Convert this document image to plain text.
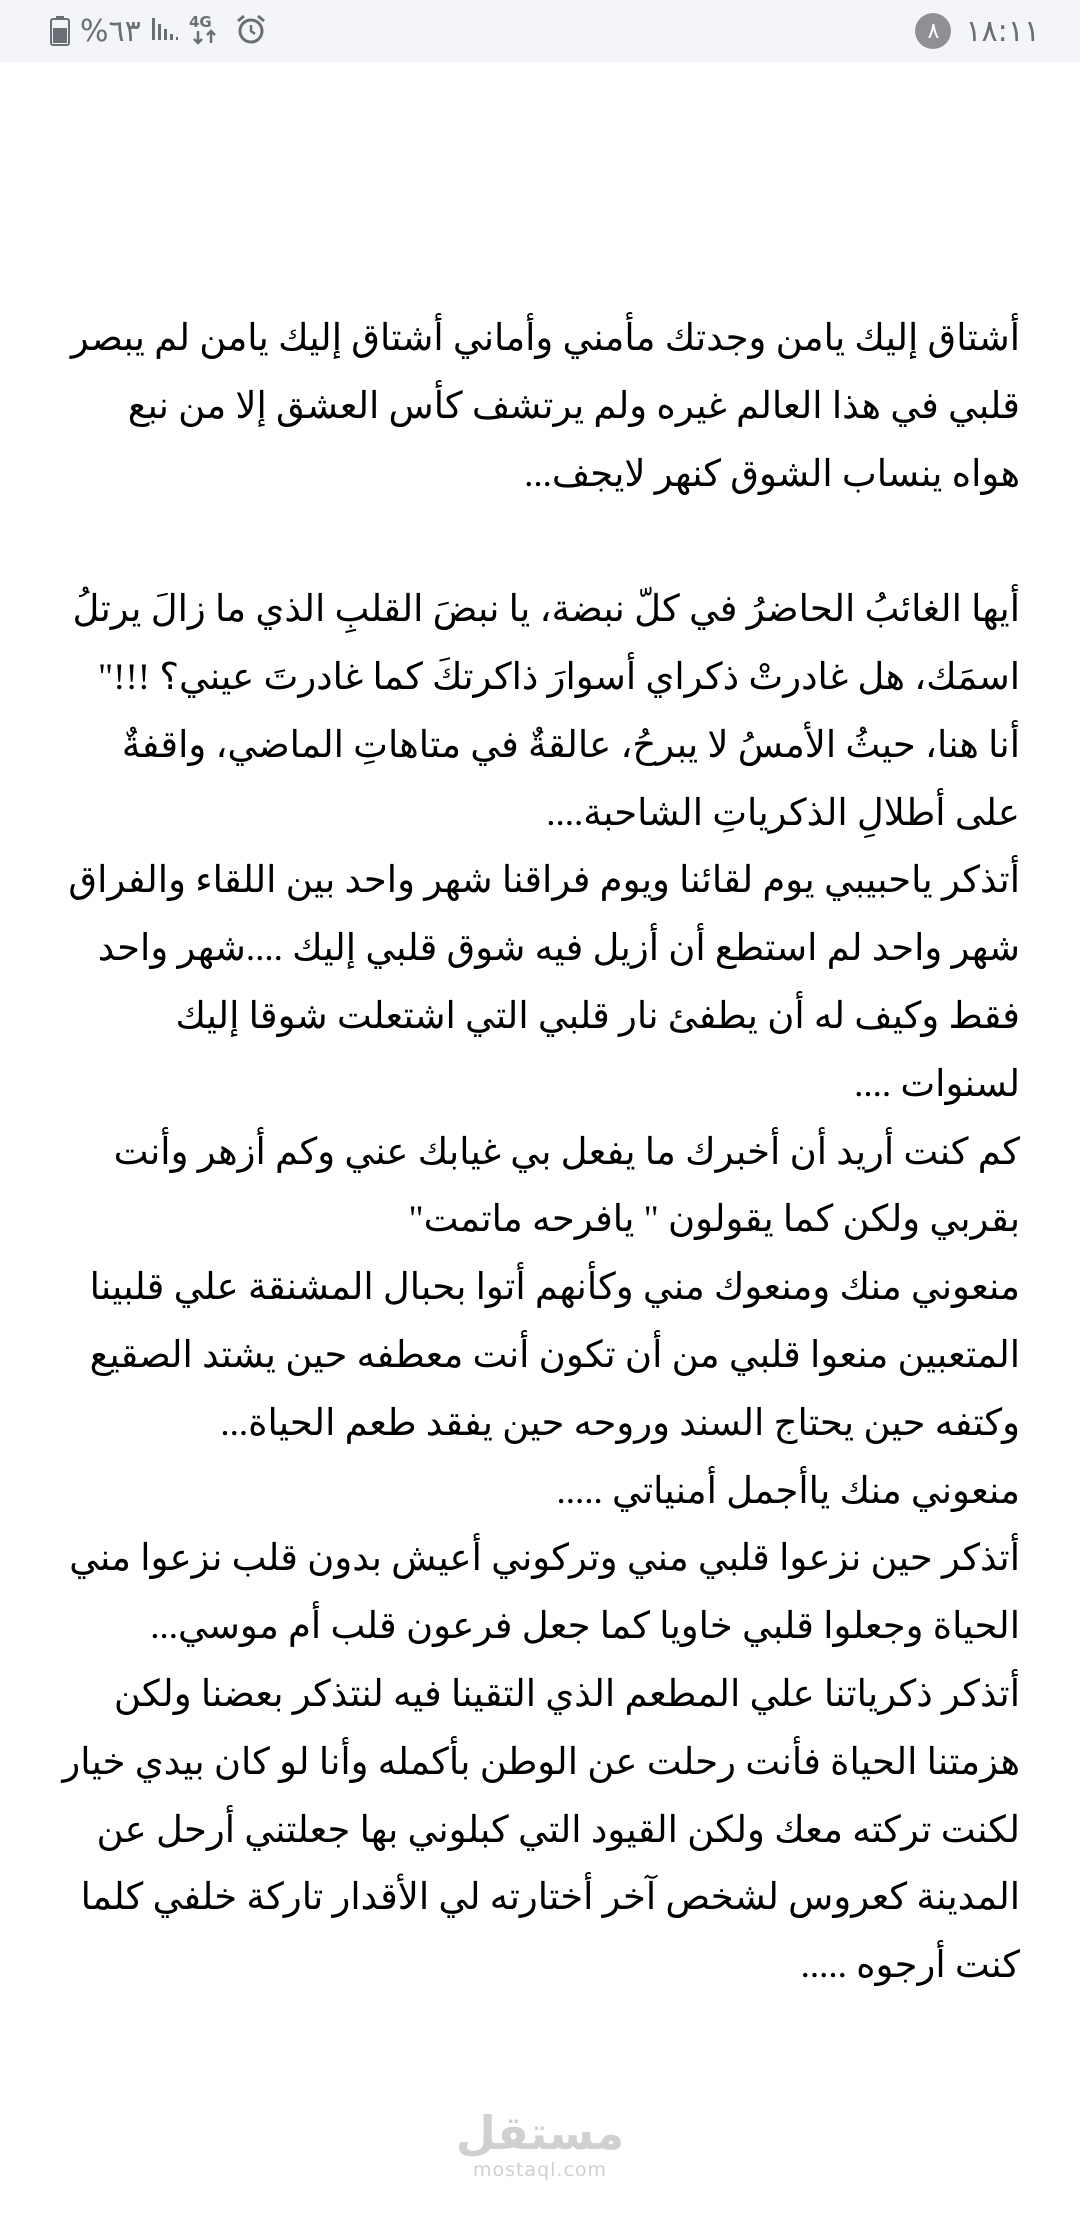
%٦٣	4G	٨ ١٨:١١

أشتاق إليك يامن وجدتك مأمني وأماني أشتاق إليك يامن لم يبصر قلبي في هذا العالم غيره ولم يرتشف كأس العشق إلا من نبع هواه ينساب الشوق كنهر لايجف...

أيها الغائبُ الحاضرُ في كلّ نبضة، يا نبضَ القلبِ الذي ما زالَ يرتلُ اسمَك، هل غادرتْ ذكراي أسوارَ ذاكرتكَ كما غادرتَ عيني؟ !!!"

أنا هنا، حيثُ الأمسُ لا يبرحُ، عالقةٌ في متاهاتِ الماضي، واقفةٌ على أطلالِ الذكرياتِ الشاحبة....

أتذكر ياحبيبي يوم لقائنا ويوم فراقنا شهر واحد بين اللقاء والفراق شهر واحد لم استطع أن أزيل فيه شوق قلبي إليك ....شهر واحد فقط وكيف له أن يطفئ نار قلبي التي اشتعلت شوقا إليك لسنوات ....

كم كنت أريد أن أخبرك ما يفعل بي غيابك عني وكم أزهر وأنت بقربي ولكن كما يقولون " يافرحه ماتمت"

منعوني منك ومنعوك مني وكأنهم أتوا بحبال المشنقة علي قلبينا المتعبين منعوا قلبي من أن تكون أنت معطفه حين يشتد الصقيع وكتفه حين يحتاج السند وروحه حين يفقد طعم الحياة...

منعوني منك ياأجمل أمنياتي .....

أتذكر حين نزعوا قلبي مني وتركوني أعيش بدون قلب نزعوا مني الحياة وجعلوا قلبي خاويا كما جعل فرعون قلب أم موسي...

أتذكر ذكرياتنا علي المطعم الذي التقينا فيه لنتذكر بعضنا ولكن هزمتنا الحياة فأنت رحلت عن الوطن بأكمله وأنا لو كان بيدي خيار لكنت تركته معك ولكن القيود التي كبلوني بها جعلتني أرحل عن المدينة كعروس لشخص آخر أختارته لي الأقدار تاركة خلفي كلما كنت أرجوه .....

مستقل
mostaql.com
